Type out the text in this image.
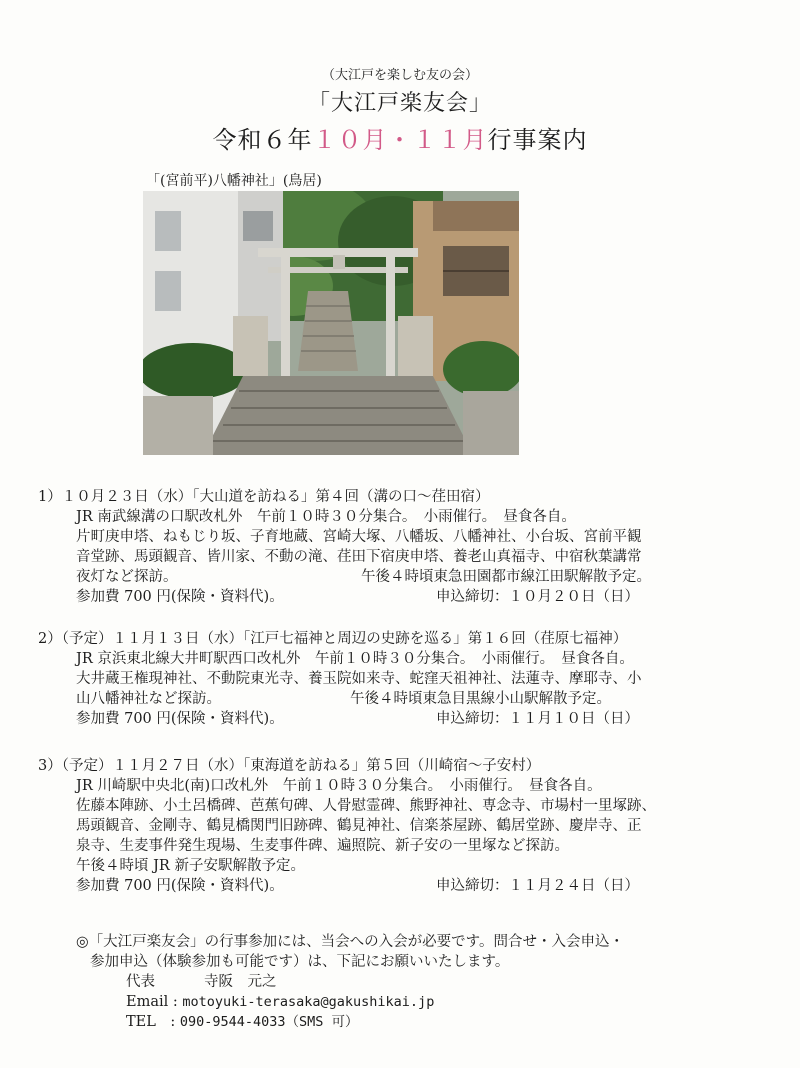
（大江戸を楽しむ友の会）
「大江戸楽友会」
令和６年１０月・１１月行事案内
「(宮前平)八幡神社」(鳥居)
1）１０月２３日（水）「大山道を訪ねる」第４回（溝の口～荏田宿）
JR 南武線溝の口駅改札外　午前１０時３０分集合。　小雨催行。　昼食各自。
片町庚申塔、ねもじり坂、子育地蔵、宮崎大塚、八幡坂、八幡神社、小台坂、宮前平観
音堂跡、馬頭観音、皆川家、不動の滝、荏田下宿庚申塔、養老山真福寺、中宿秋葉講常
夜灯など探訪。	午後４時頃東急田園都市線江田駅解散予定。
参加費 700 円(保険・資料代)。	申込締切：１０月２０日（日）
2）（予定）１１月１３日（水）「江戸七福神と周辺の史跡を巡る」第１６回（荏原七福神）
JR 京浜東北線大井町駅西口改札外　午前１０時３０分集合。　小雨催行。　昼食各自。
大井蔵王権現神社、不動院東光寺、養玉院如来寺、蛇窪天祖神社、法蓮寺、摩耶寺、小
山八幡神社など探訪。	午後４時頃東急目黒線小山駅解散予定。
参加費 700 円(保険・資料代)。	申込締切：１１月１０日（日）
3）（予定）１１月２７日（水）「東海道を訪ねる」第５回（川崎宿～子安村）
JR 川崎駅中央北(南)口改札外　午前１０時３０分集合。　小雨催行。　昼食各自。
佐藤本陣跡、小土呂橋碑、芭蕉句碑、人骨慰霊碑、熊野神社、専念寺、市場村一里塚跡、
馬頭観音、金剛寺、鶴見橋関門旧跡碑、鶴見神社、信楽茶屋跡、鶴居堂跡、慶岸寺、正
泉寺、生麦事件発生現場、生麦事件碑、遍照院、新子安の一里塚など探訪。
午後４時頃 JR 新子安駅解散予定。
参加費 700 円(保険・資料代)。	申込締切：１１月２４日（日）
◎「大江戸楽友会」の行事参加には、当会への入会が必要です。問合せ・入会申込・
参加申込（体験参加も可能です）は、下記にお願いいたします。
代表	寺阪　元之
Email : motoyuki-terasaka@gakushikai.jp
TEL　: 090-9544-4033（SMS 可）
